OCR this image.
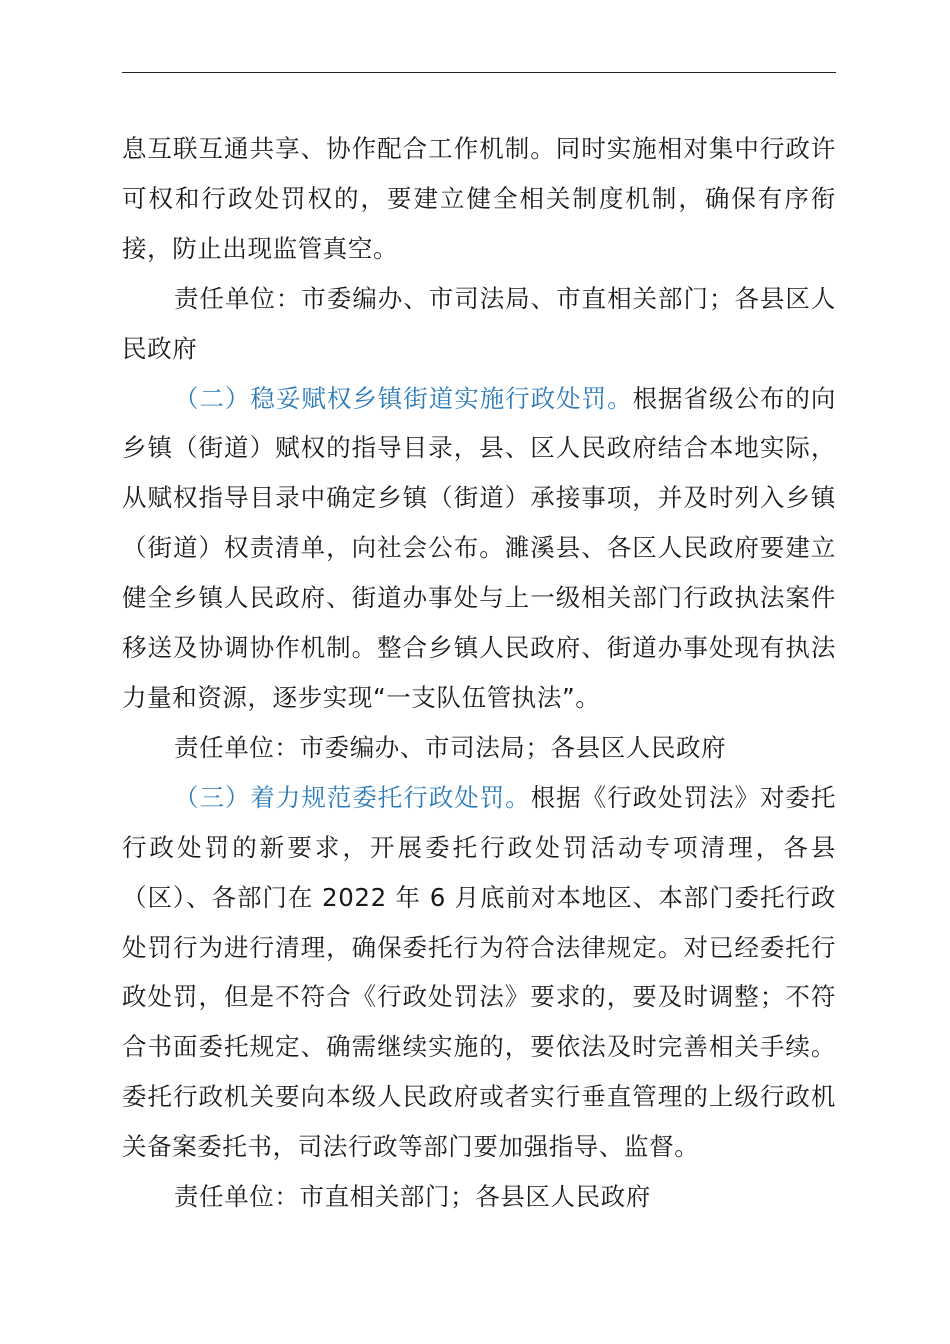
息互联互通共享、协作配合工作机制。同时实施相对集中行政许可权和行政处罚权的，要建立健全相关制度机制，确保有序衔接，防止出现监管真空。

责任单位：市委编办、市司法局、市直相关部门；各县区人民政府

（二）稳妥赋权乡镇街道实施行政处罚。根据省级公布的向乡镇（街道）赋权的指导目录，县、区人民政府结合本地实际，从赋权指导目录中确定乡镇（街道）承接事项，并及时列入乡镇（街道）权责清单，向社会公布。濉溪县、各区人民政府要建立健全乡镇人民政府、街道办事处与上一级相关部门行政执法案件移送及协调协作机制。整合乡镇人民政府、街道办事处现有执法力量和资源，逐步实现“一支队伍管执法”。

责任单位：市委编办、市司法局；各县区人民政府

（三）着力规范委托行政处罚。根据《行政处罚法》对委托行政处罚的新要求，开展委托行政处罚活动专项清理，各县（区）、各部门在 2022 年 6 月底前对本地区、本部门委托行政处罚行为进行清理，确保委托行为符合法律规定。对已经委托行政处罚，但是不符合《行政处罚法》要求的，要及时调整；不符合书面委托规定、确需继续实施的，要依法及时完善相关手续。委托行政机关要向本级人民政府或者实行垂直管理的上级行政机关备案委托书，司法行政等部门要加强指导、监督。

责任单位：市直相关部门；各县区人民政府
